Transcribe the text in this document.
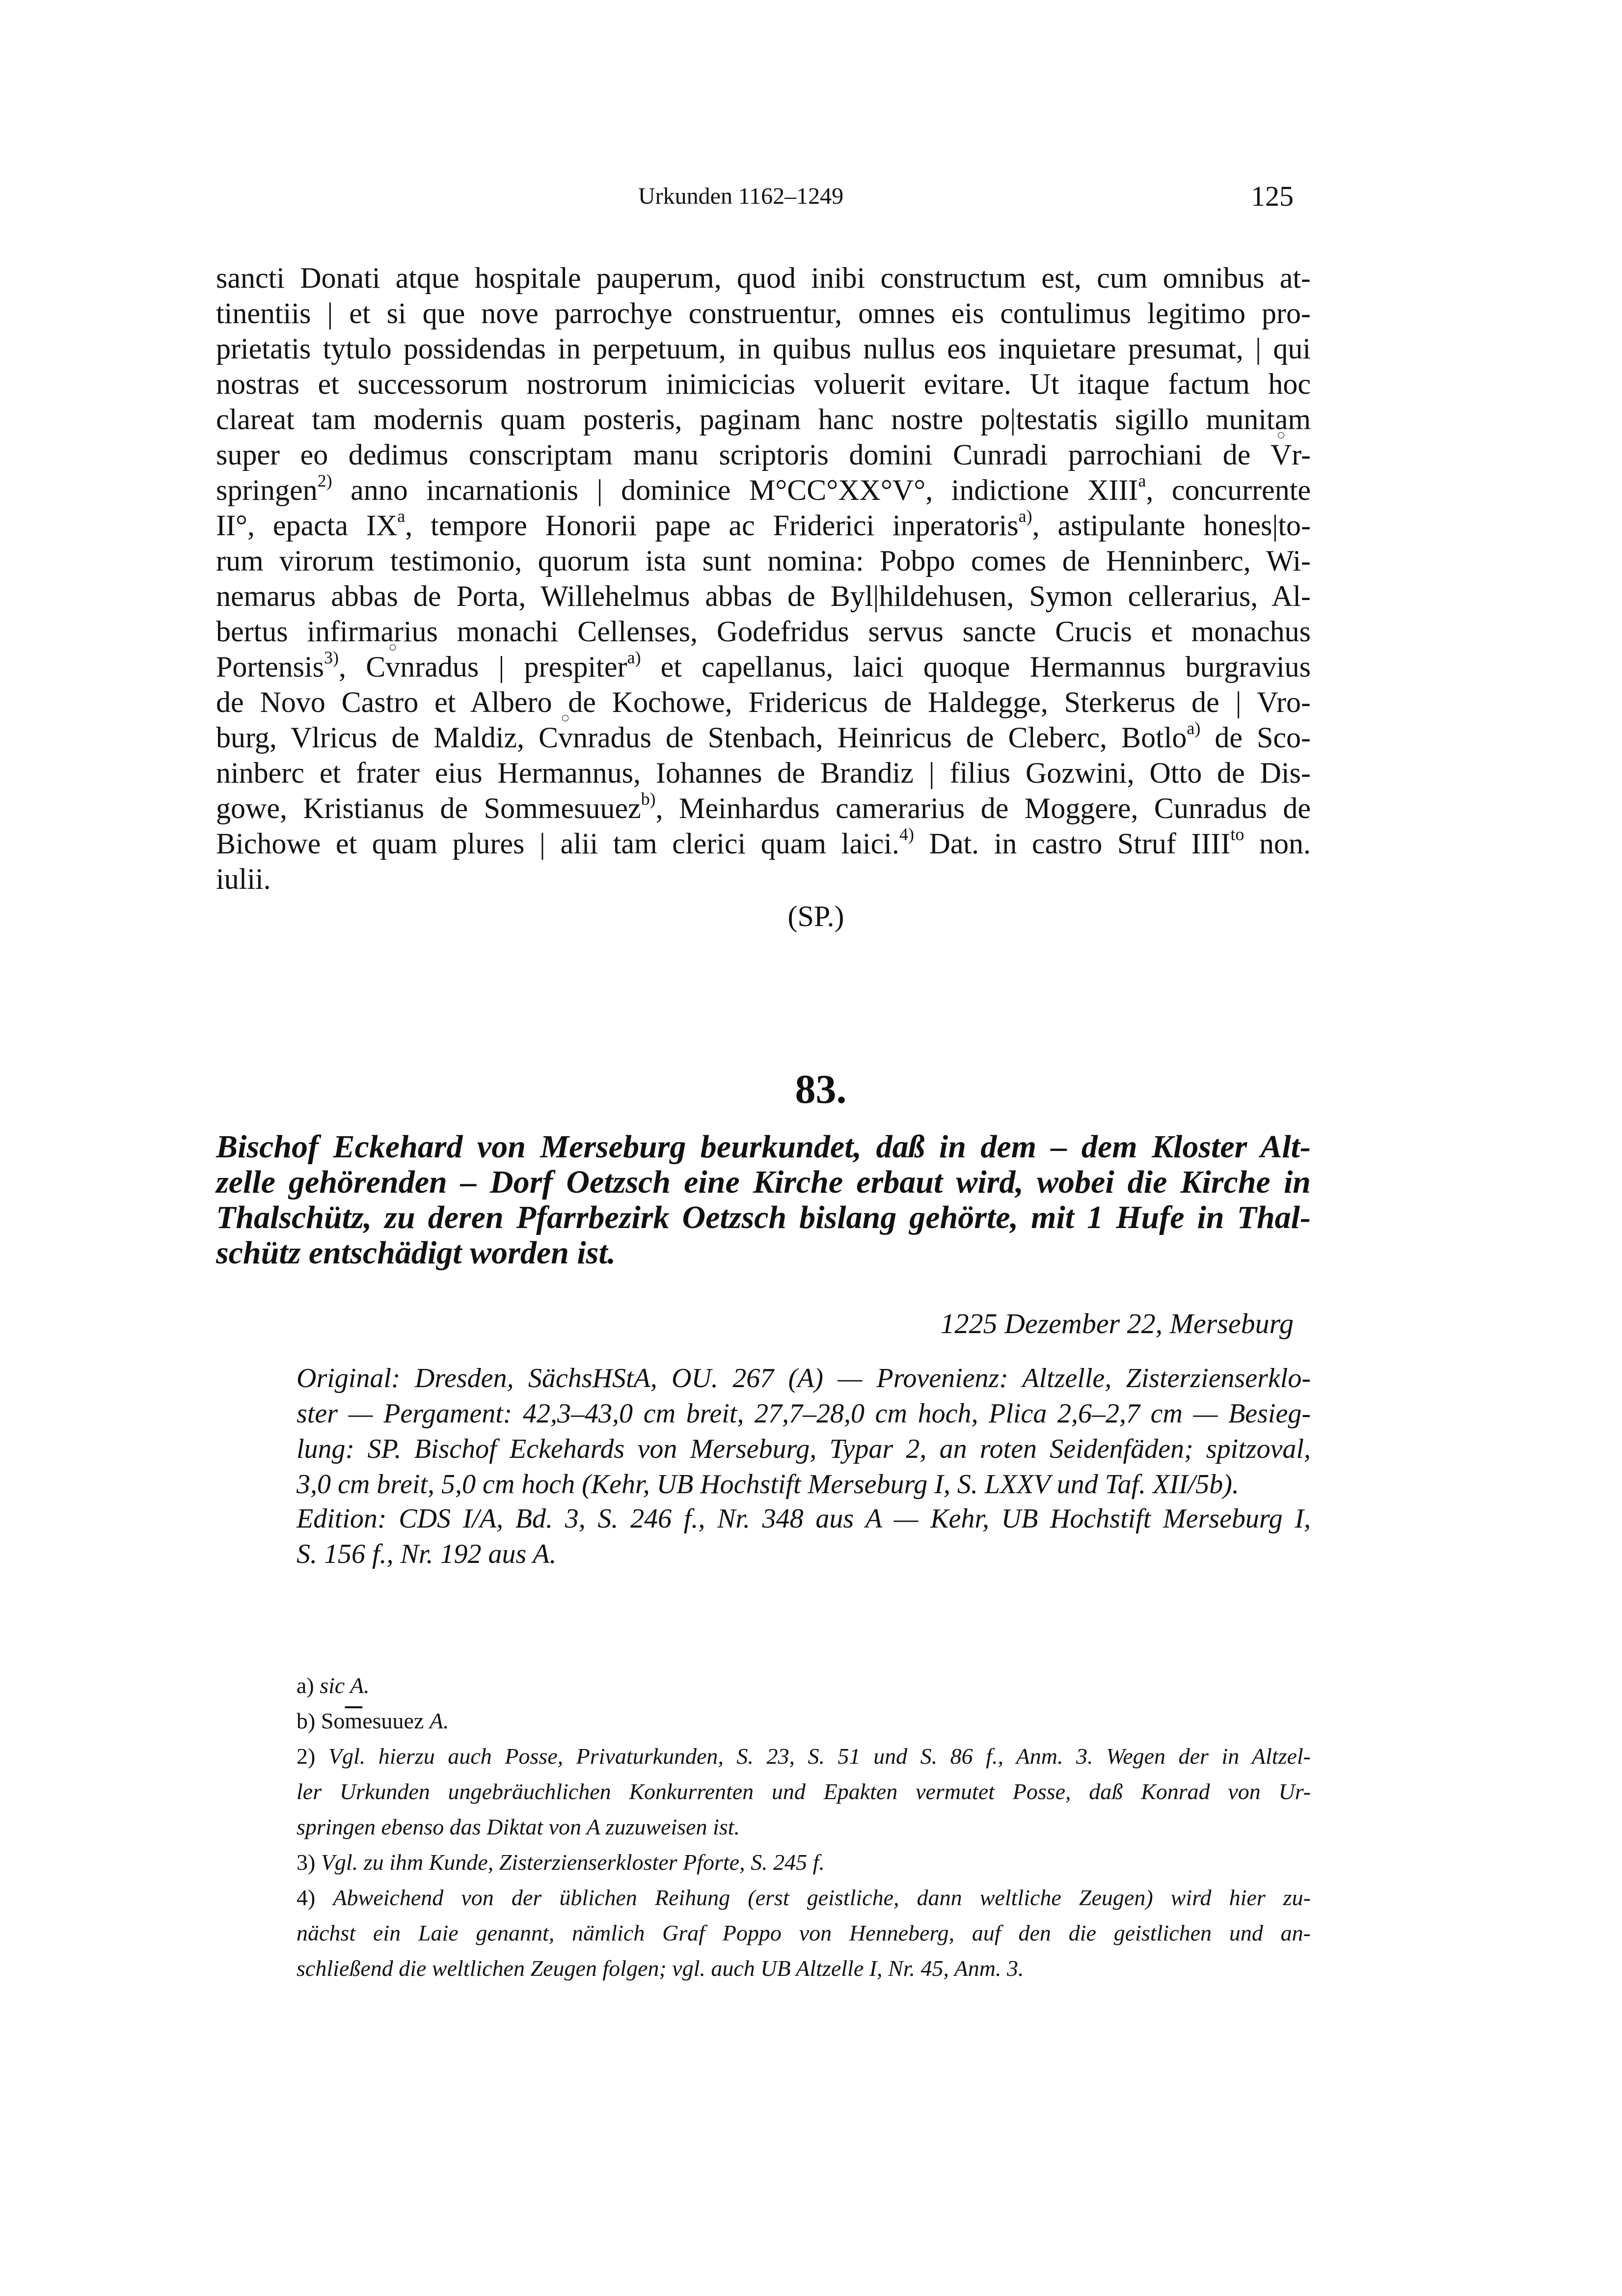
Urkunden 1162–1249	125
sancti Donati atque hospitale pauperum, quod inibi constructum est, cum omnibus at-
tinentiis | et si que nove parrochye construentur, omnes eis contulimus legitimo pro-
prietatis tytulo possidendas in perpetuum, in quibus nullus eos inquietare presumat, | qui
nostras et successorum nostrorum inimicicias voluerit evitare. Ut itaque factum hoc
clareat tam modernis quam posteris, paginam hanc nostre po|testatis sigillo munitam
super eo dedimus conscriptam manu scriptoris domini Cunradi parrochiani de Vr-
springen$^{2)}$ anno incarnationis | dominice M°CC°XX°V°, indictione XIII$^a$, concurrente
II°, epacta $IX^a$, tempore Honorii pape ac Friderici inperatoris$^{a)}$, astipulante hones|to-
rum virorum testimonio, quorum ista sunt nomina: Pobpo comes de Henninberc, Wi-
nemarus abbas de Porta, Willehelmus abbas de Byl|hildehusen, Symon cellerarius, Al-
bertus infirmarius monachi Cellenses, Godefridus servus sancte Crucis et monachus
Portensis$^{3)}$, Cvnradus | prespiter$^{a)}$ et capellanus, laici quoque Hermannus burgravius
de Novo Castro et Albero de Kochowe, Fridericus de Haldegge, Sterkerus de | Vro-
burg, Vlricus de Maldiz, Cvnradus de Stenbach, Heinricus de Cleberc, Botlo$^{a)}$ de Sco-
ninberc et frater eius Hermannus, Iohannes de Brandiz | filius Gozwini, Otto de Dis-
gowe, Kristianus de Sommesuuez$^{b)}$, Meinhardus camerarius de Moggere, Cunradus de
Bichowe et quam plures | alii tam clerici quam laici.$^{4)}$ Dat. in castro Struf $IIII^{to}$ non.
iulii.
(SP.)
83.
Bischof Eckehard von Merseburg beurkundet, daß in dem – dem Kloster Alt-
zelle gehörenden – Dorf Oetzsch eine Kirche erbaut wird, wobei die Kirche in
Thalschütz, zu deren Pfarrbezirk Oetzsch bislang gehörte, mit 1 Hufe in Thal-
schütz entschädigt worden ist.
1225 Dezember 22, Merseburg
Original: Dresden, SächsHStA, OU. 267 (A) — Provenienz: Altzelle, Zisterzienserklo-
ster — Pergament: 42,3–43,0 cm breit, 27,7–28,0 cm hoch, Plica 2,6–2,7 cm — Besieg-
lung: SP. Bischof Eckehards von Merseburg, Typar 2, an roten Seidenfäden; spitzoval,
3,0 cm breit, 5,0 cm hoch (Kehr, UB Hochstift Merseburg I, S. LXXV und Taf. XII/5b).
Edition: CDS I/A, Bd. 3, S. 246 f., Nr. 348 aus A — Kehr, UB Hochstift Merseburg I,
S. 156 f., Nr. 192 aus A.
a) sic A.
b) $So\overline{m}esuuez$ A.
2) Vgl. hierzu auch Posse, Privaturkunden, S. 23, S. 51 und S. 86 f., Anm. 3. Wegen der in Altzel-
ler Urkunden ungebräuchlichen Konkurrenten und Epakten vermutet Posse, daß Konrad von Ur-
springen ebenso das Diktat von A zuzuweisen ist.
3) Vgl. zu ihm Kunde, Zisterzienserkloster Pforte, S. 245 f.
4) Abweichend von der üblichen Reihung (erst geistliche, dann weltliche Zeugen) wird hier zu-
nächst ein Laie genannt, nämlich Graf Poppo von Henneberg, auf den die geistlichen und an-
schließend die weltlichen Zeugen folgen; vgl. auch UB Altzelle I, Nr. 45, Anm. 3.
